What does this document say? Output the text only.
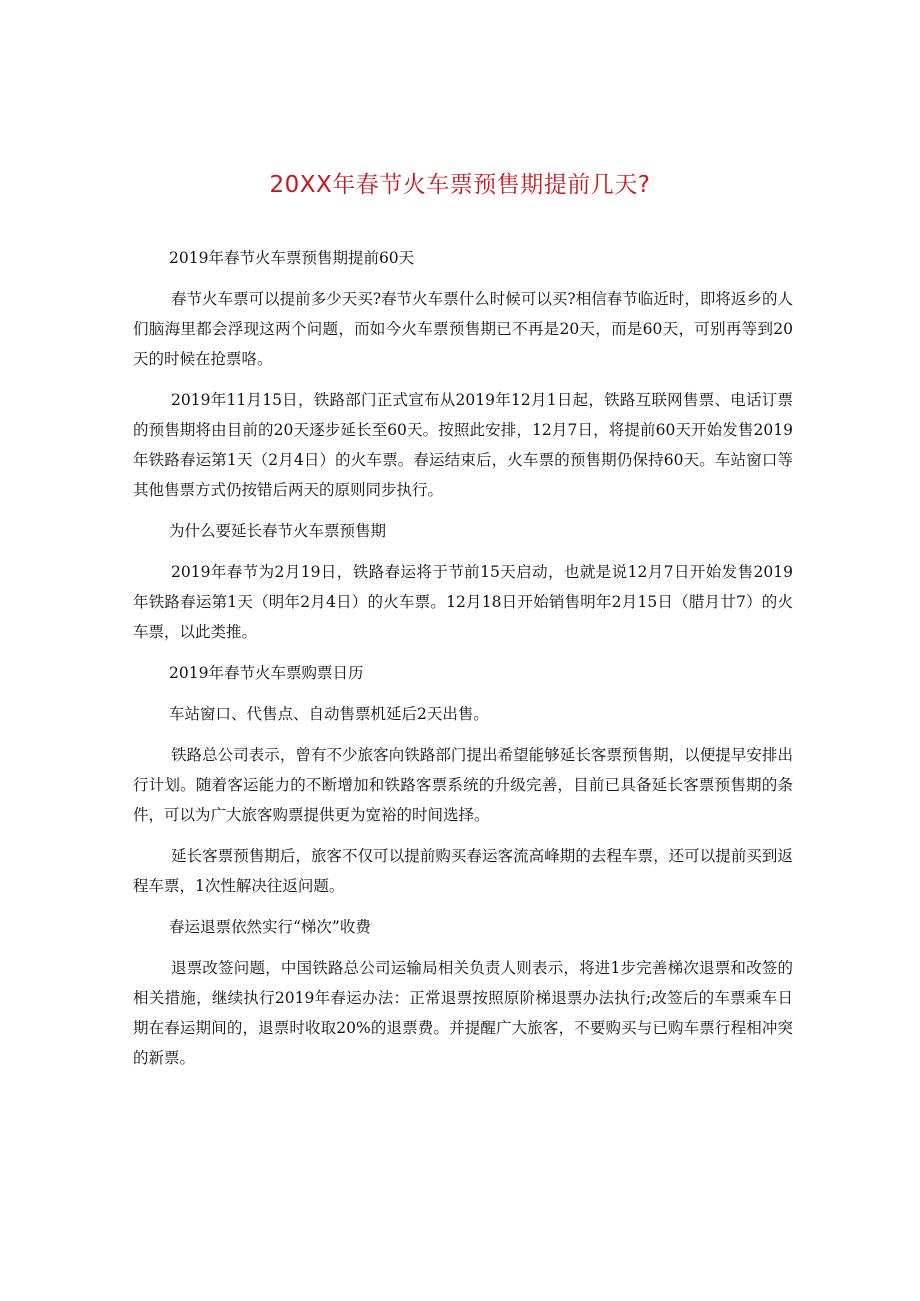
20XX年春节火车票预售期提前几天?

2019年春节火车票预售期提前60天

春节火车票可以提前多少天买?春节火车票什么时候可以买?相信春节临近时，即将返乡的人们脑海里都会浮现这两个问题，而如今火车票预售期已不再是20天，而是60天，可别再等到20天的时候在抢票咯。

2019年11月15日，铁路部门正式宣布从2019年12月1日起，铁路互联网售票、电话订票的预售期将由目前的20天逐步延长至60天。按照此安排，12月7日，将提前60天开始发售2019年铁路春运第1天（2月4日）的火车票。春运结束后，火车票的预售期仍保持60天。车站窗口等其他售票方式仍按错后两天的原则同步执行。

为什么要延长春节火车票预售期

2019年春节为2月19日，铁路春运将于节前15天启动，也就是说12月7日开始发售2019年铁路春运第1天（明年2月4日）的火车票。12月18日开始销售明年2月15日（腊月廿7）的火车票，以此类推。

2019年春节火车票购票日历

车站窗口、代售点、自动售票机延后2天出售。

铁路总公司表示，曾有不少旅客向铁路部门提出希望能够延长客票预售期，以便提早安排出行计划。随着客运能力的不断增加和铁路客票系统的升级完善，目前已具备延长客票预售期的条件，可以为广大旅客购票提供更为宽裕的时间选择。

延长客票预售期后，旅客不仅可以提前购买春运客流高峰期的去程车票，还可以提前买到返程车票，1次性解决往返问题。

春运退票依然实行“梯次”收费

退票改签问题，中国铁路总公司运输局相关负责人则表示，将进1步完善梯次退票和改签的相关措施，继续执行2019年春运办法：正常退票按照原阶梯退票办法执行;改签后的车票乘车日期在春运期间的，退票时收取20%的退票费。并提醒广大旅客，不要购买与已购车票行程相冲突的新票。
